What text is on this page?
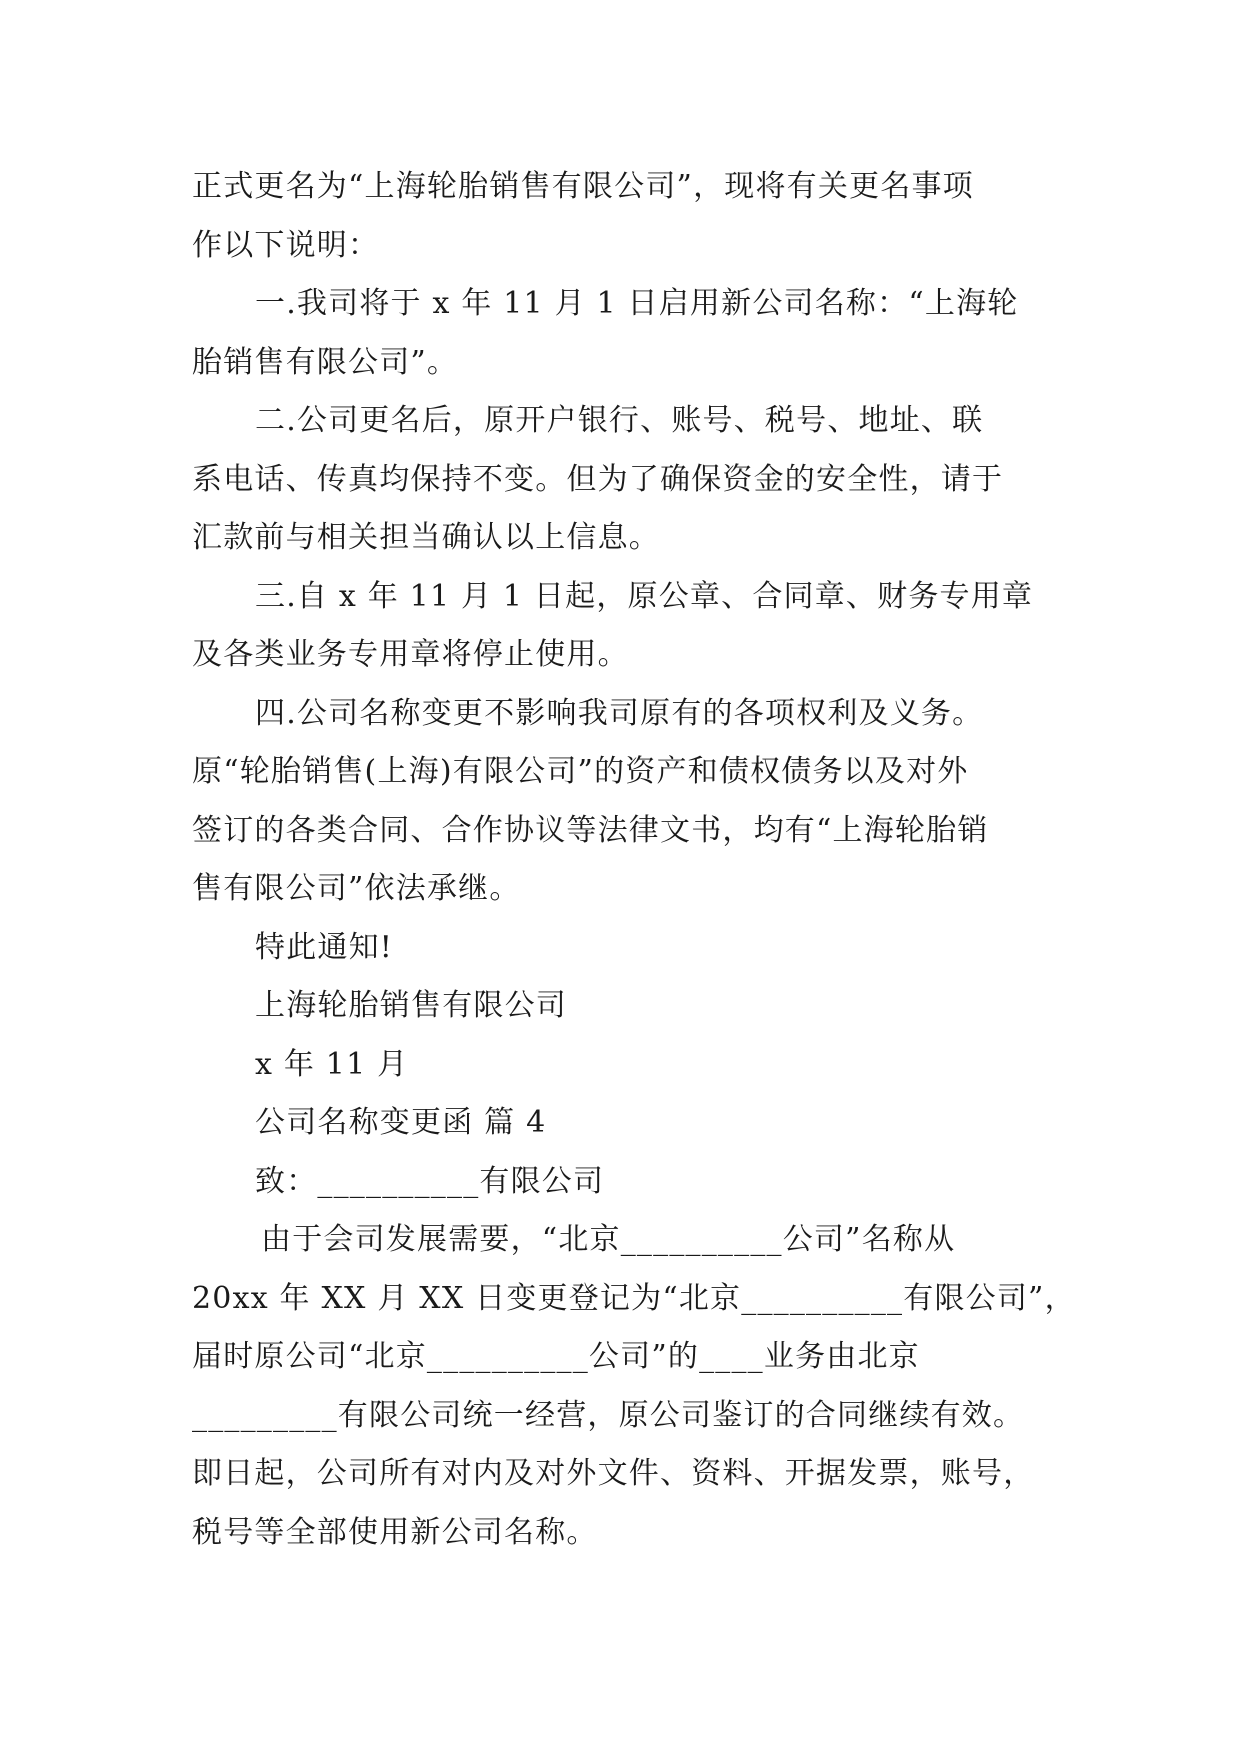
正式更名为“上海轮胎销售有限公司”，现将有关更名事项
作以下说明：
一.我司将于 x 年 11 月 1 日启用新公司名称：“上海轮
胎销售有限公司”。
二.公司更名后，原开户银行、账号、税号、地址、联
系电话、传真均保持不变。但为了确保资金的安全性，请于
汇款前与相关担当确认以上信息。
三.自 x 年 11 月 1 日起，原公章、合同章、财务专用章
及各类业务专用章将停止使用。
四.公司名称变更不影响我司原有的各项权利及义务。
原“轮胎销售(上海)有限公司”的资产和债权债务以及对外
签订的各类合同、合作协议等法律文书，均有“上海轮胎销
售有限公司”依法承继。
特此通知!
上海轮胎销售有限公司
x 年 11 月
公司名称变更函 篇 4
致：__________有限公司
由于会司发展需要，“北京__________公司”名称从
20xx 年 XX 月 XX 日变更登记为“北京__________有限公司”，
届时原公司“北京__________公司”的____业务由北京
_________有限公司统一经营，原公司鉴订的合同继续有效。
即日起，公司所有对内及对外文件、资料、开据发票，账号，
税号等全部使用新公司名称。
